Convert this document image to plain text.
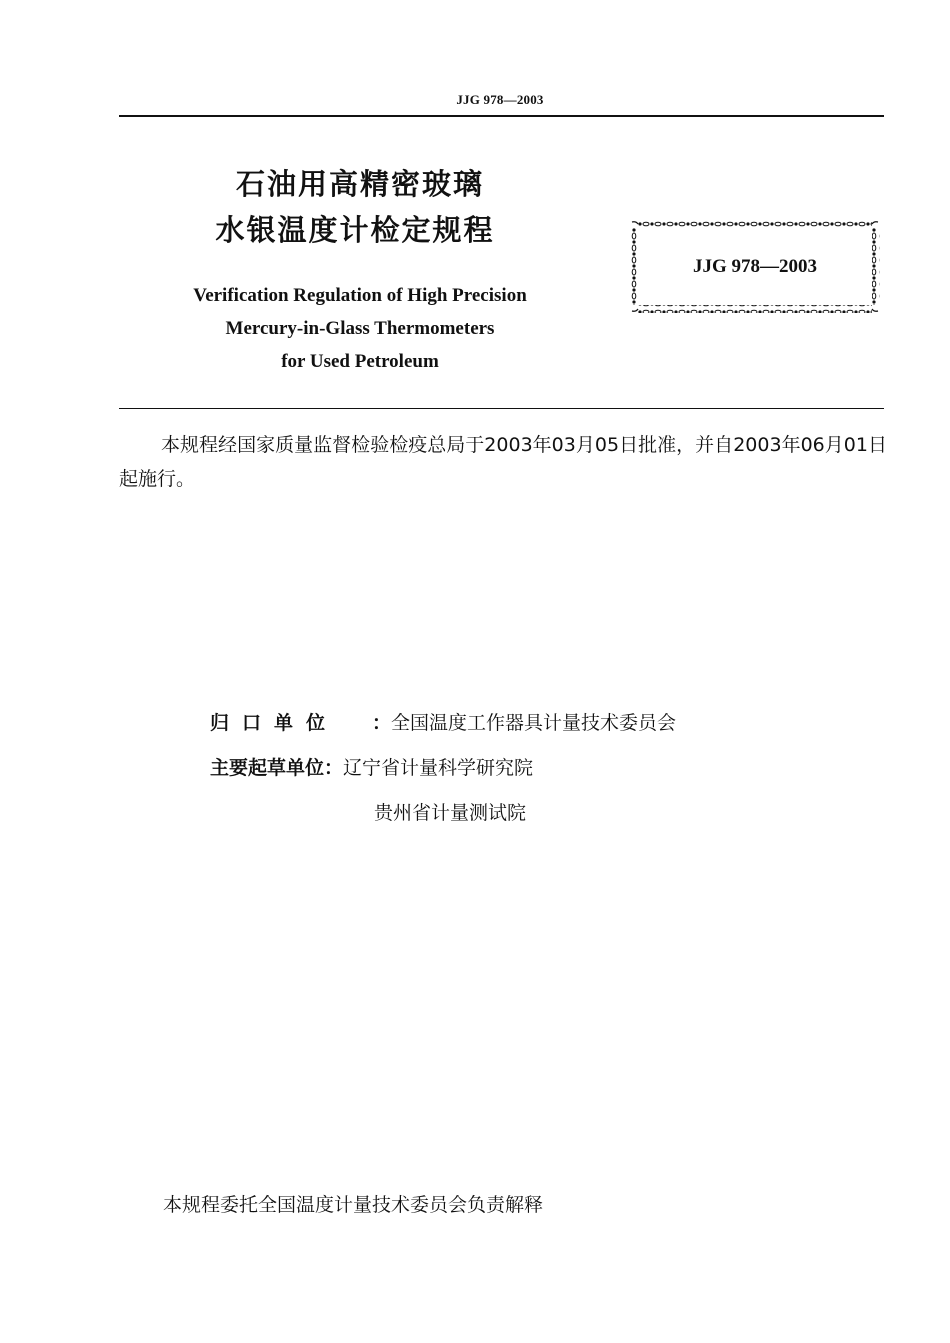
JJG 978—2003
石油用高精密玻璃
水银温度计检定规程
Verification Regulation of High Precision
Mercury-in-Glass Thermometers
for Used Petroleum
JJG 978—2003
本规程经国家质量监督检验检疫总局于2003年03月05日批准，并自2003年06月01日起施行。
归口单位 ：全国温度工作器具计量技术委员会
主要起草单位：辽宁省计量科学研究院
贵州省计量测试院
本规程委托全国温度计量技术委员会负责解释
